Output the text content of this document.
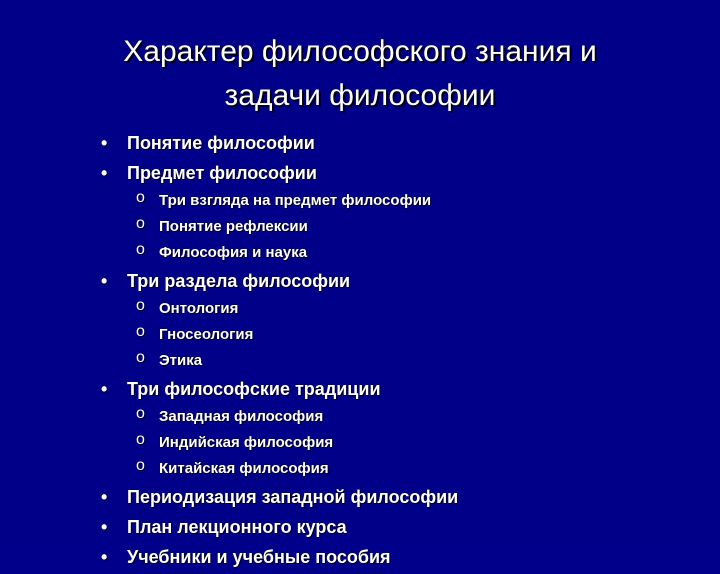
Характер философского знания и
задачи философии
• Понятие философии
• Предмет философии
o Три взгляда на предмет философии
o Понятие рефлексии
o Философия и наука
• Три раздела философии
o Онтология
o Гносеология
o Этика
• Три философские традиции
o Западная философия
o Индийская философия
o Китайская философия
• Периодизация западной философии
• План лекционного курса
• Учебники и учебные пособия
